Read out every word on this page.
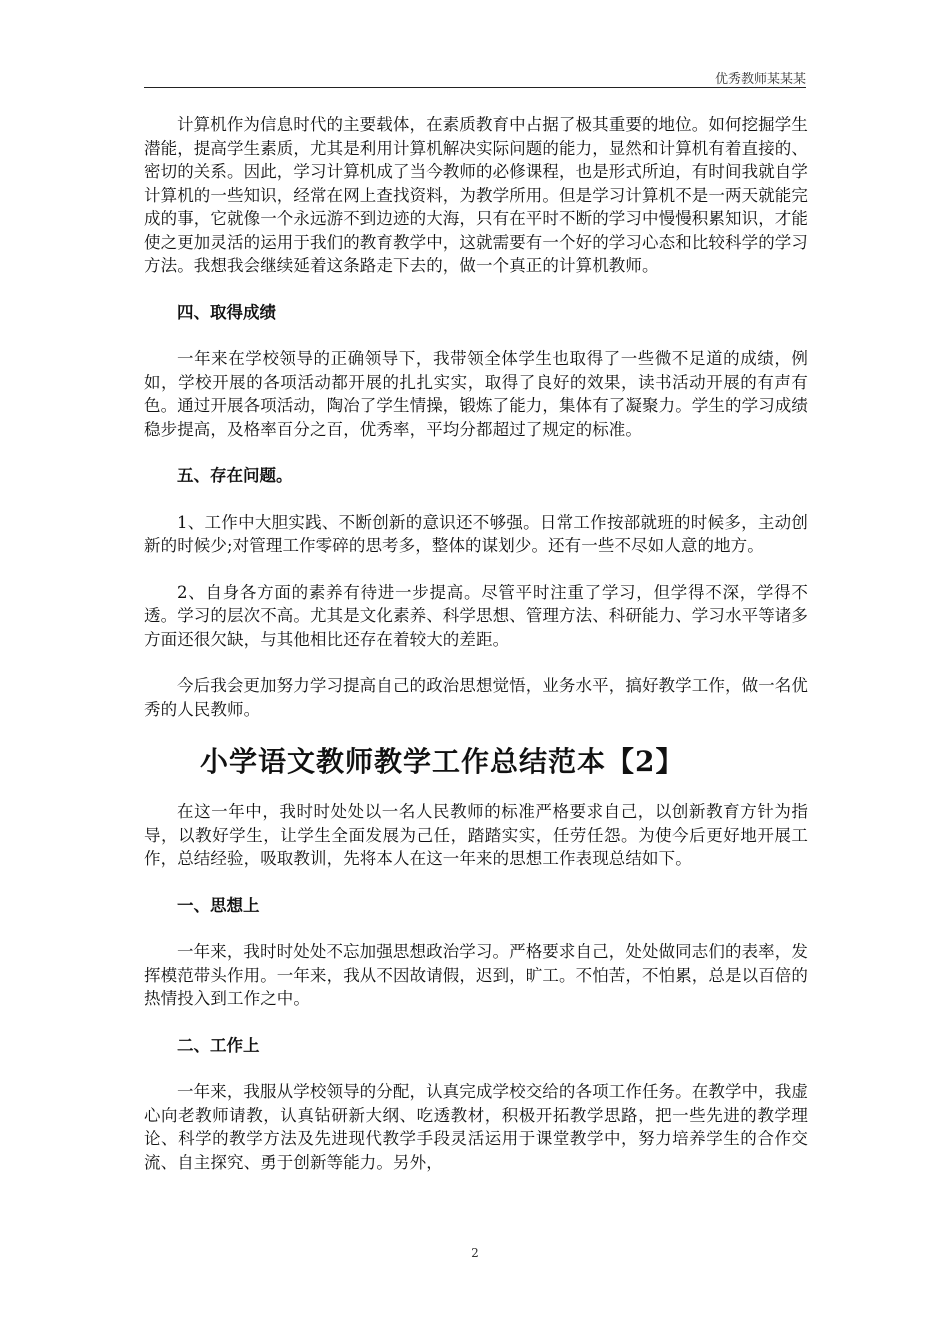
优秀教师某某某

计算机作为信息时代的主要载体，在素质教育中占据了极其重要的地位。如何挖掘学生潜能，提高学生素质，尤其是利用计算机解决实际问题的能力，显然和计算机有着直接的、密切的关系。因此，学习计算机成了当今教师的必修课程，也是形式所迫，有时间我就自学计算机的一些知识，经常在网上查找资料，为教学所用。但是学习计算机不是一两天就能完成的事，它就像一个永远游不到边迹的大海，只有在平时不断的学习中慢慢积累知识，才能使之更加灵活的运用于我们的教育教学中，这就需要有一个好的学习心态和比较科学的学习方法。我想我会继续延着这条路走下去的，做一个真正的计算机教师。

四、取得成绩

一年来在学校领导的正确领导下，我带领全体学生也取得了一些微不足道的成绩，例如，学校开展的各项活动都开展的扎扎实实，取得了良好的效果，读书活动开展的有声有色。通过开展各项活动，陶冶了学生情操，锻炼了能力，集体有了凝聚力。学生的学习成绩稳步提高，及格率百分之百，优秀率，平均分都超过了规定的标准。

五、存在问题。

1、工作中大胆实践、不断创新的意识还不够强。日常工作按部就班的时候多，主动创新的时候少;对管理工作零碎的思考多，整体的谋划少。还有一些不尽如人意的地方。

2、自身各方面的素养有待进一步提高。尽管平时注重了学习，但学得不深，学得不透。学习的层次不高。尤其是文化素养、科学思想、管理方法、科研能力、学习水平等诸多方面还很欠缺，与其他相比还存在着较大的差距。

今后我会更加努力学习提高自己的政治思想觉悟，业务水平，搞好教学工作，做一名优秀的人民教师。

小学语文教师教学工作总结范本【2】

在这一年中，我时时处处以一名人民教师的标准严格要求自己，以创新教育方针为指导，以教好学生，让学生全面发展为己任，踏踏实实，任劳任怨。为使今后更好地开展工作，总结经验，吸取教训，先将本人在这一年来的思想工作表现总结如下。

一、思想上

一年来，我时时处处不忘加强思想政治学习。严格要求自己，处处做同志们的表率，发挥模范带头作用。一年来，我从不因故请假，迟到，旷工。不怕苦，不怕累，总是以百倍的热情投入到工作之中。

二、工作上

一年来，我服从学校领导的分配，认真完成学校交给的各项工作任务。在教学中，我虚心向老教师请教，认真钻研新大纲、吃透教材，积极开拓教学思路，把一些先进的教学理论、科学的教学方法及先进现代教学手段灵活运用于课堂教学中，努力培养学生的合作交流、自主探究、勇于创新等能力。另外，

2
